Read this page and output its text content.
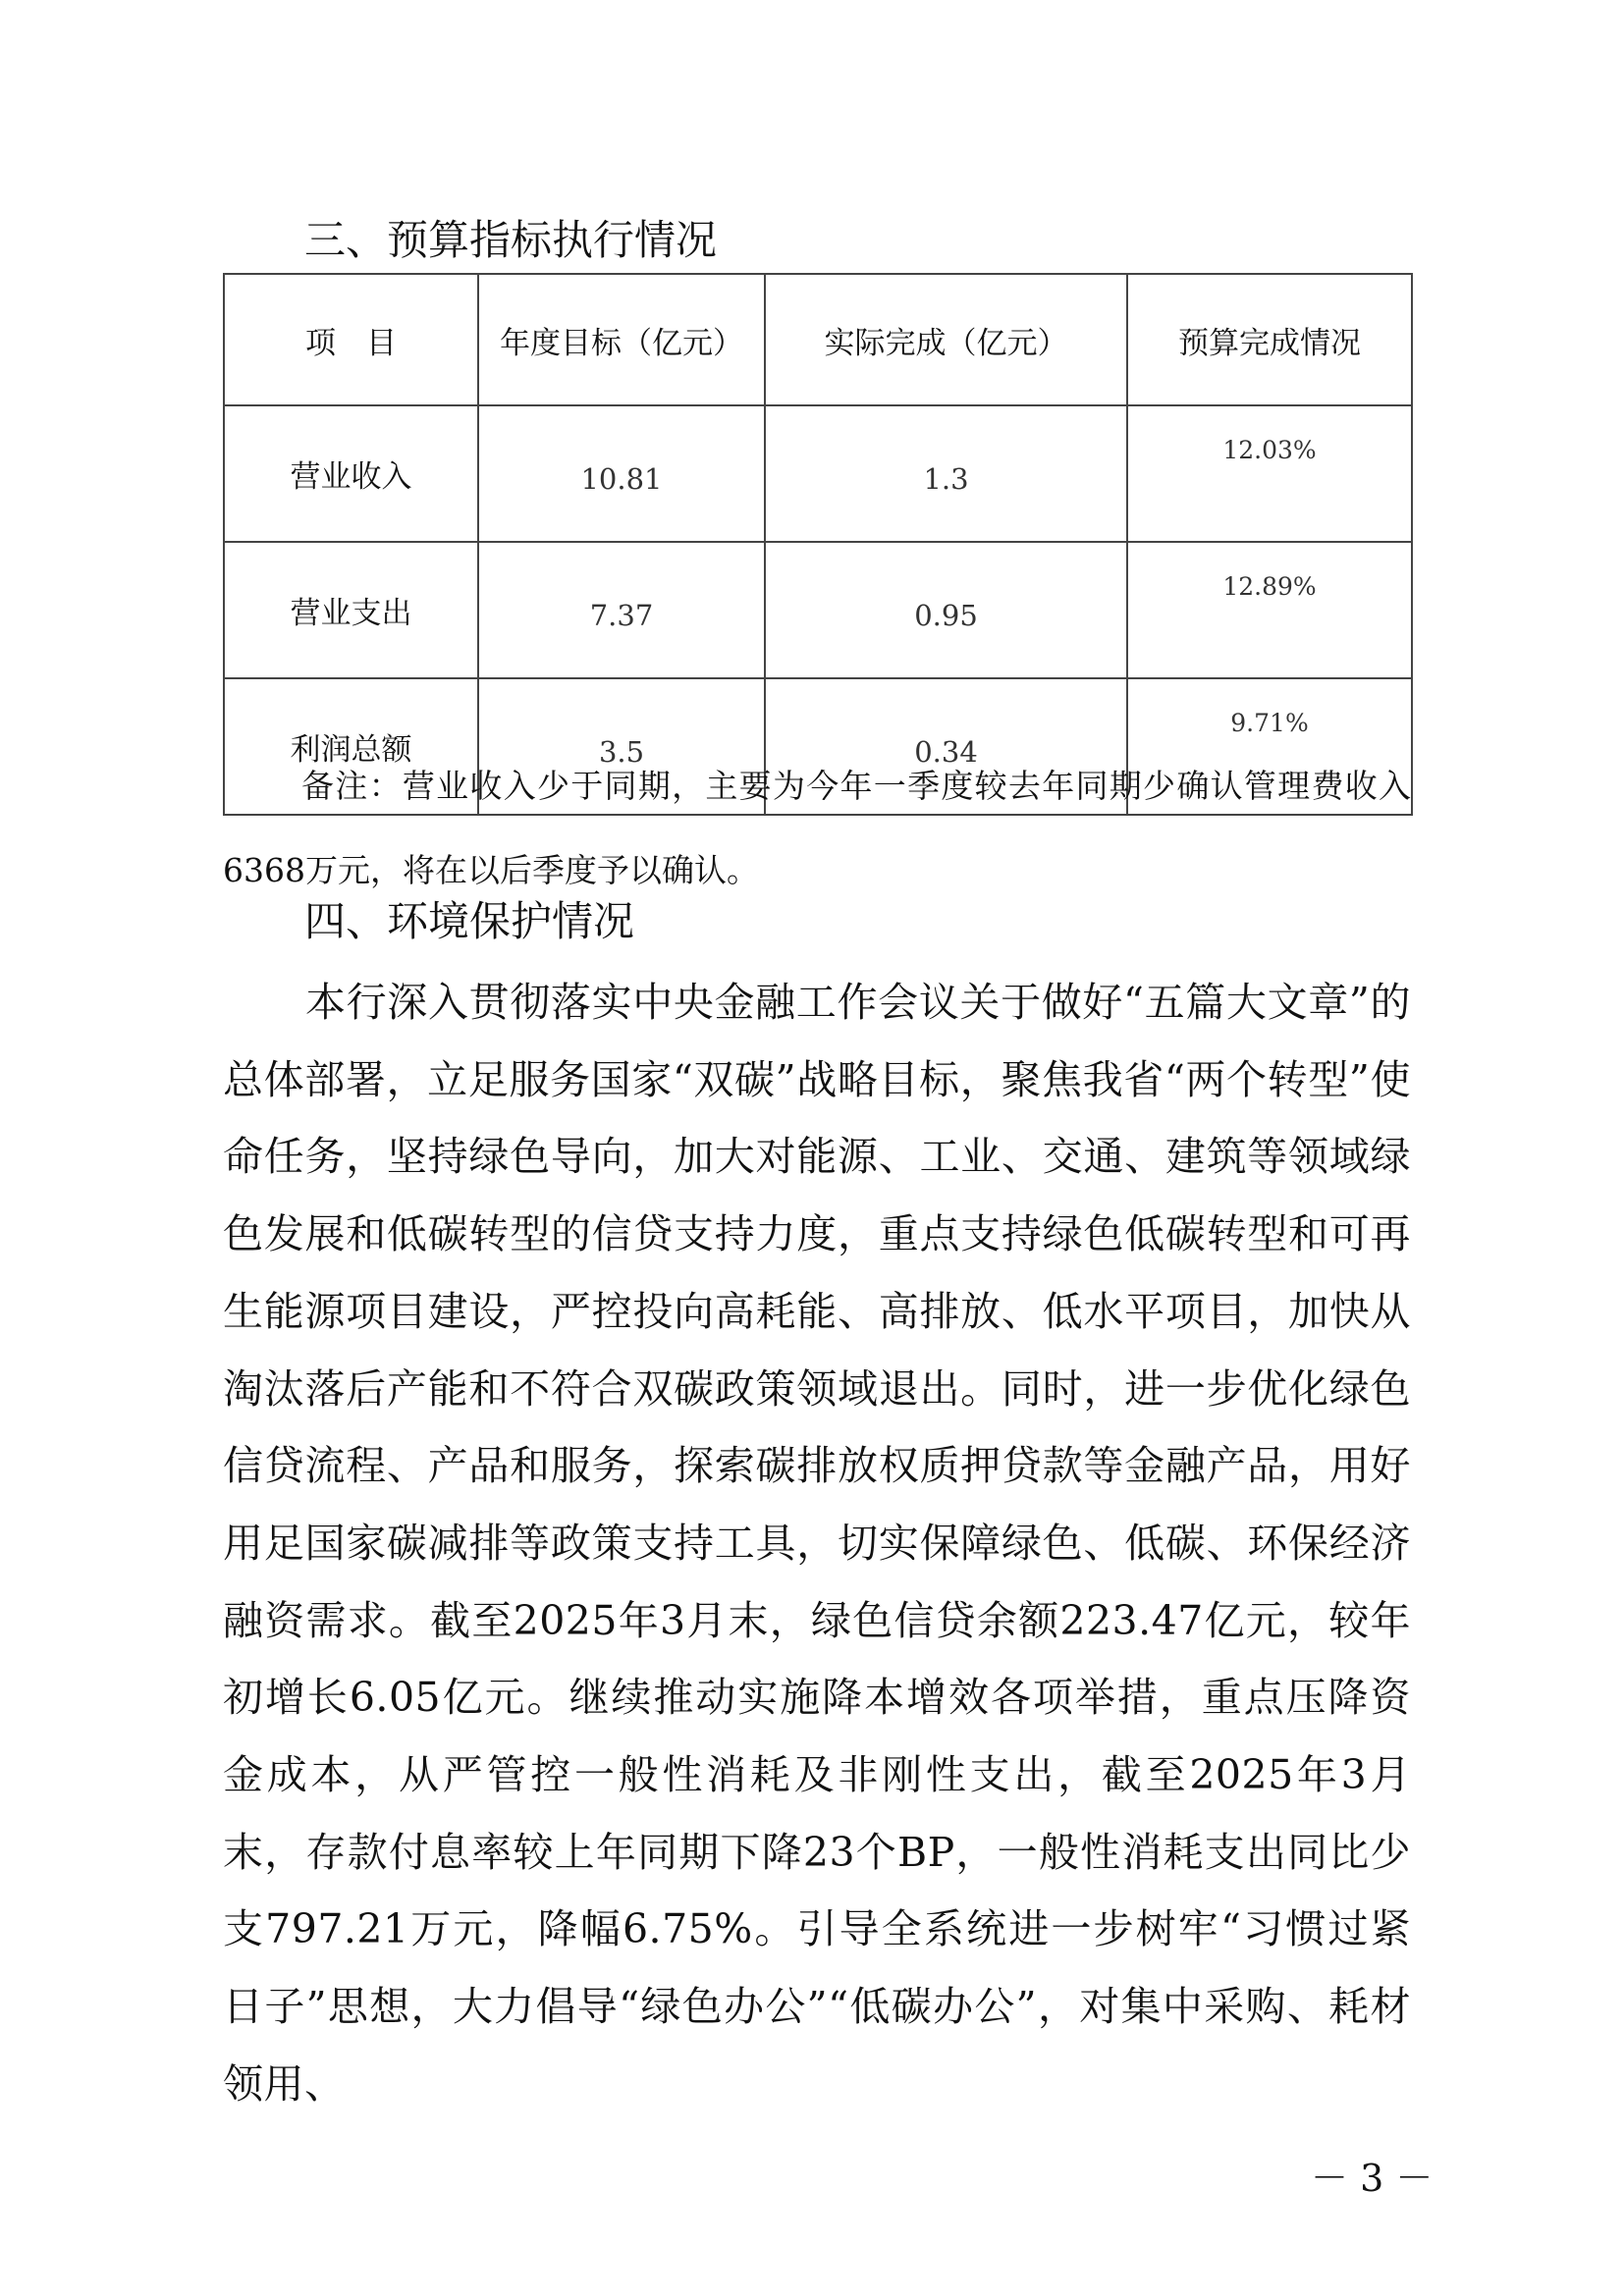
三、预算指标执行情况
项　目	年度目标（亿元）	实际完成（亿元）	预算完成情况
营业收入	10.81	1.3	12.03%
营业支出	7.37	0.95	12.89%
利润总额	3.5	0.34	9.71%

备注：营业收入少于同期，主要为今年一季度较去年同期少确认管理费收入6368万元，将在以后季度予以确认。

四、环境保护情况

本行深入贯彻落实中央金融工作会议关于做好“五篇大文章”的总体部署，立足服务国家“双碳”战略目标，聚焦我省“两个转型”使命任务，坚持绿色导向，加大对能源、工业、交通、建筑等领域绿色发展和低碳转型的信贷支持力度，重点支持绿色低碳转型和可再生能源项目建设，严控投向高耗能、高排放、低水平项目，加快从淘汰落后产能和不符合双碳政策领域退出。同时，进一步优化绿色信贷流程、产品和服务，探索碳排放权质押贷款等金融产品，用好用足国家碳减排等政策支持工具，切实保障绿色、低碳、环保经济融资需求。截至2025年3月末，绿色信贷余额223.47亿元，较年初增长6.05亿元。继续推动实施降本增效各项举措，重点压降资金成本，从严管控一般性消耗及非刚性支出，截至2025年3月末，存款付息率较上年同期下降23个BP，一般性消耗支出同比少支797.21万元，降幅6.75%。引导全系统进一步树牢“习惯过紧日子”思想，大力倡导“绿色办公”“低碳办公”，对集中采购、耗材领用、

－ 3 －
